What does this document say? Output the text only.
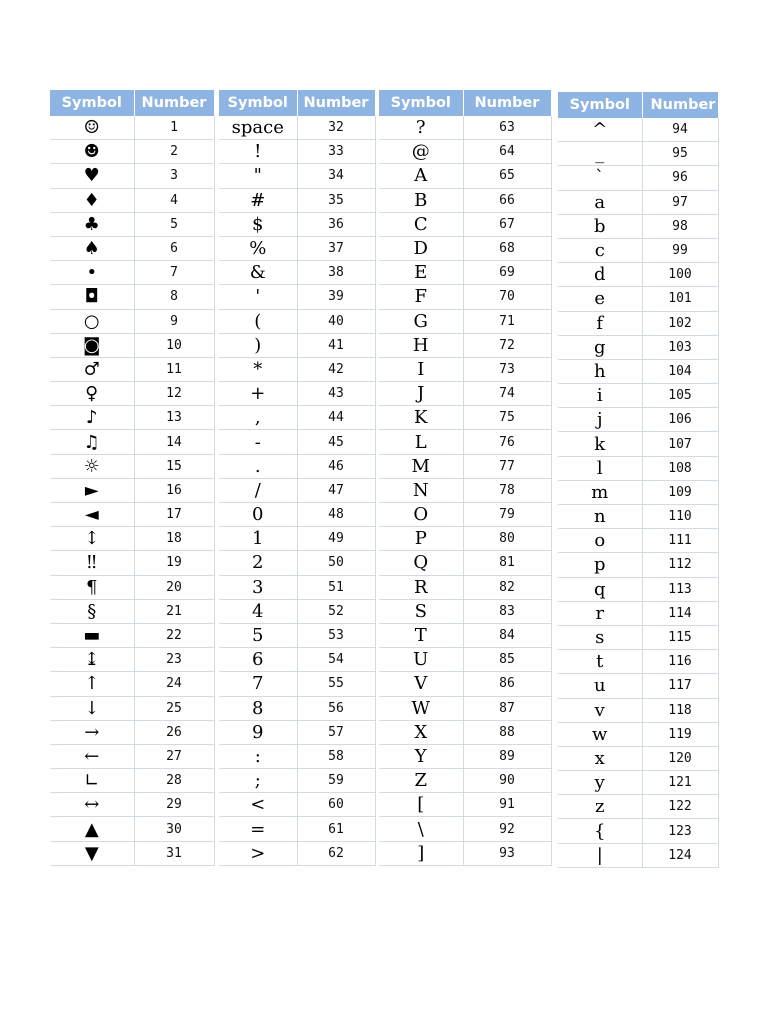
Symbol	Number
☺	1
☻	2
♥	3
♦	4
♣	5
♠	6
•	7
◘	8
○	9
◙	10
♂	11
♀	12
♪	13
♫	14
☼	15
►	16
◄	17
↕	18
‼	19
¶	20
§	21
▬	22
↨	23
↑	24
↓	25
→	26
←	27
∟	28
↔	29
▲	30
▼	31
Symbol	Number
space	32
!	33
"	34
#	35
$	36
%	37
&	38
'	39
(	40
)	41
*	42
+	43
,	44
-	45
.	46
/	47
0	48
1	49
2	50
3	51
4	52
5	53
6	54
7	55
8	56
9	57
:	58
;	59
<	60
=	61
>	62
Symbol	Number
?	63
@	64
A	65
B	66
C	67
D	68
E	69
F	70
G	71
H	72
I	73
J	74
K	75
L	76
M	77
N	78
O	79
P	80
Q	81
R	82
S	83
T	84
U	85
V	86
W	87
X	88
Y	89
Z	90
[	91
\	92
]	93
Symbol	Number
^	94
_	95
`	96
a	97
b	98
c	99
d	100
e	101
f	102
g	103
h	104
i	105
j	106
k	107
l	108
m	109
n	110
o	111
p	112
q	113
r	114
s	115
t	116
u	117
v	118
w	119
x	120
y	121
z	122
{	123
|	124
